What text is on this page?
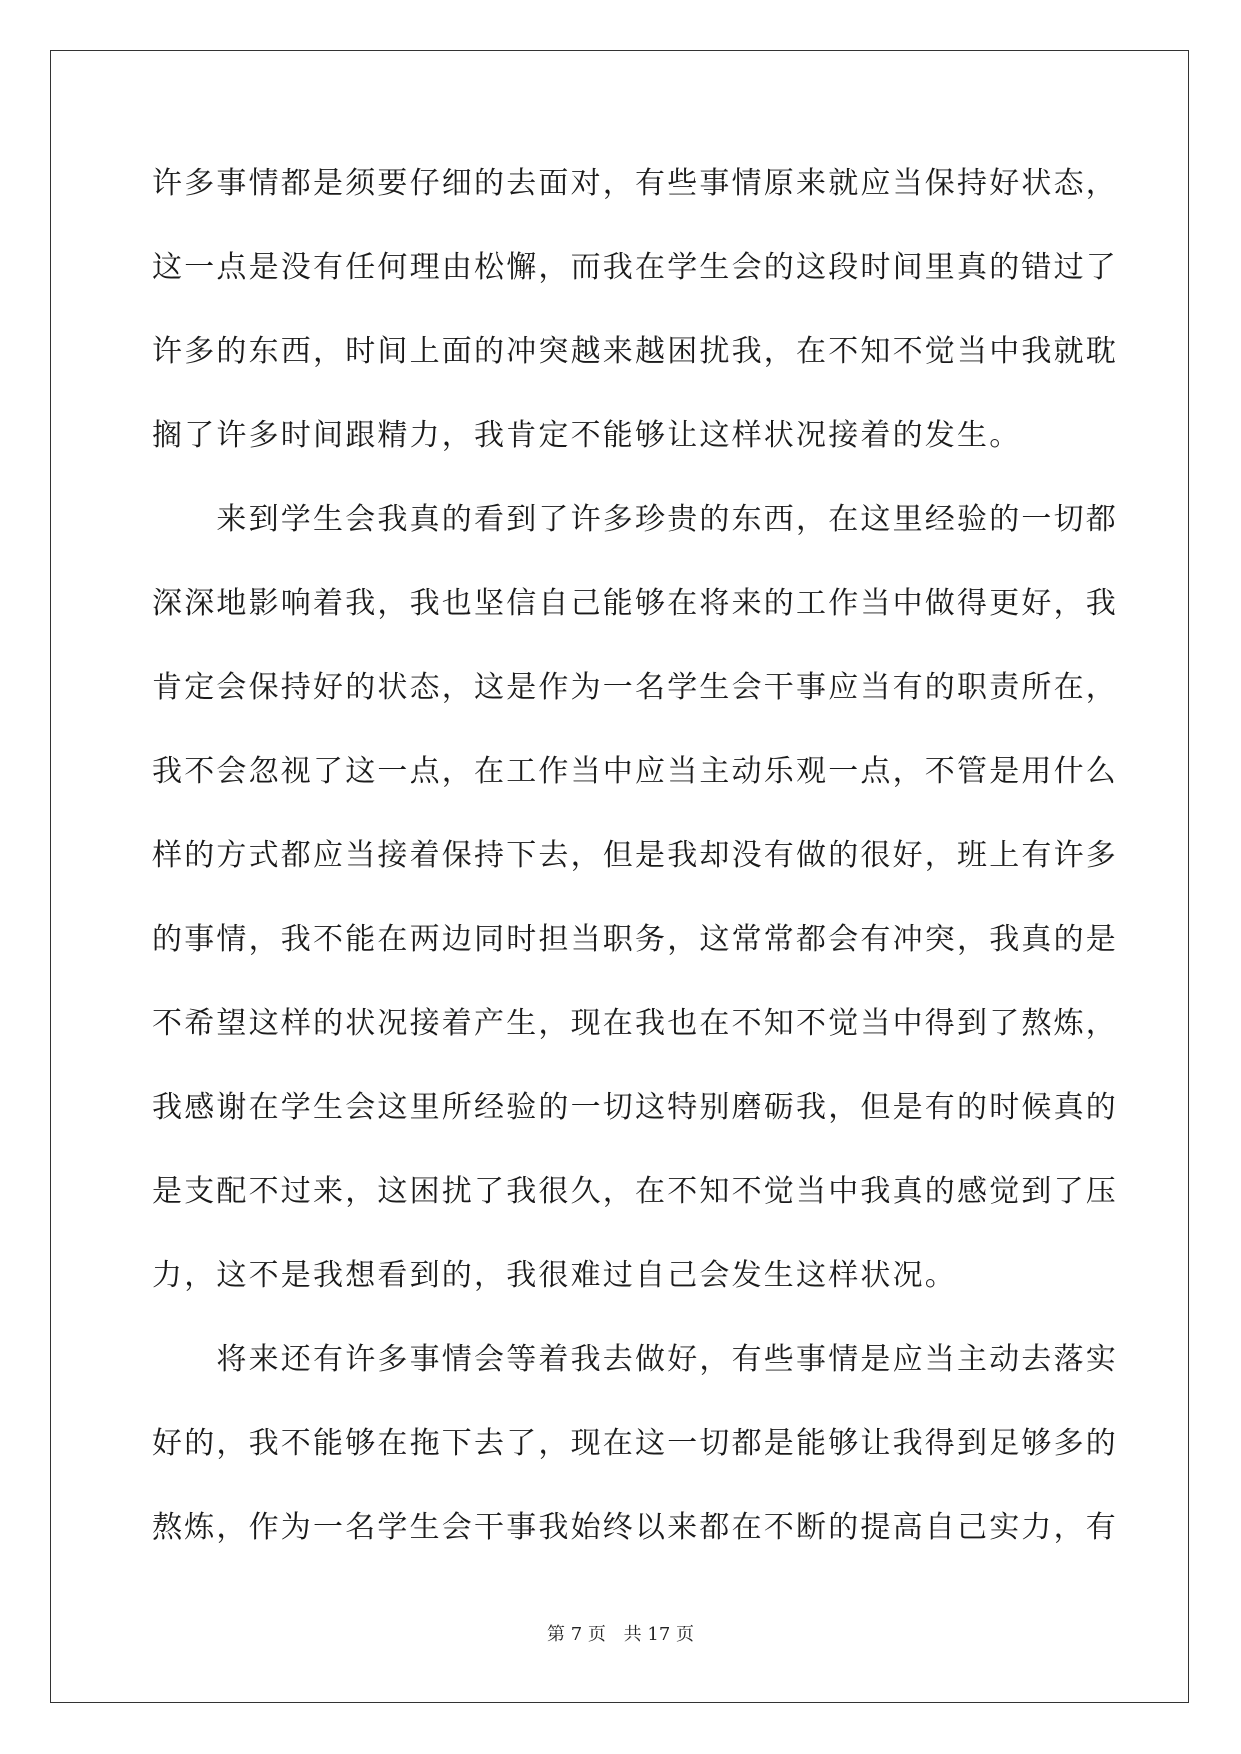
许多事情都是须要仔细的去面对，有些事情原来就应当保持好状态，
这一点是没有任何理由松懈，而我在学生会的这段时间里真的错过了
许多的东西，时间上面的冲突越来越困扰我，在不知不觉当中我就耽
搁了许多时间跟精力，我肯定不能够让这样状况接着的发生。
　　来到学生会我真的看到了许多珍贵的东西，在这里经验的一切都
深深地影响着我，我也坚信自己能够在将来的工作当中做得更好，我
肯定会保持好的状态，这是作为一名学生会干事应当有的职责所在，
我不会忽视了这一点，在工作当中应当主动乐观一点，不管是用什么
样的方式都应当接着保持下去，但是我却没有做的很好，班上有许多
的事情，我不能在两边同时担当职务，这常常都会有冲突，我真的是
不希望这样的状况接着产生，现在我也在不知不觉当中得到了熬炼，
我感谢在学生会这里所经验的一切这特别磨砺我，但是有的时候真的
是支配不过来，这困扰了我很久，在不知不觉当中我真的感觉到了压
力，这不是我想看到的，我很难过自己会发生这样状况。
　　将来还有许多事情会等着我去做好，有些事情是应当主动去落实
好的，我不能够在拖下去了，现在这一切都是能够让我得到足够多的
熬炼，作为一名学生会干事我始终以来都在不断的提高自己实力，有
第 7 页 共 17 页
